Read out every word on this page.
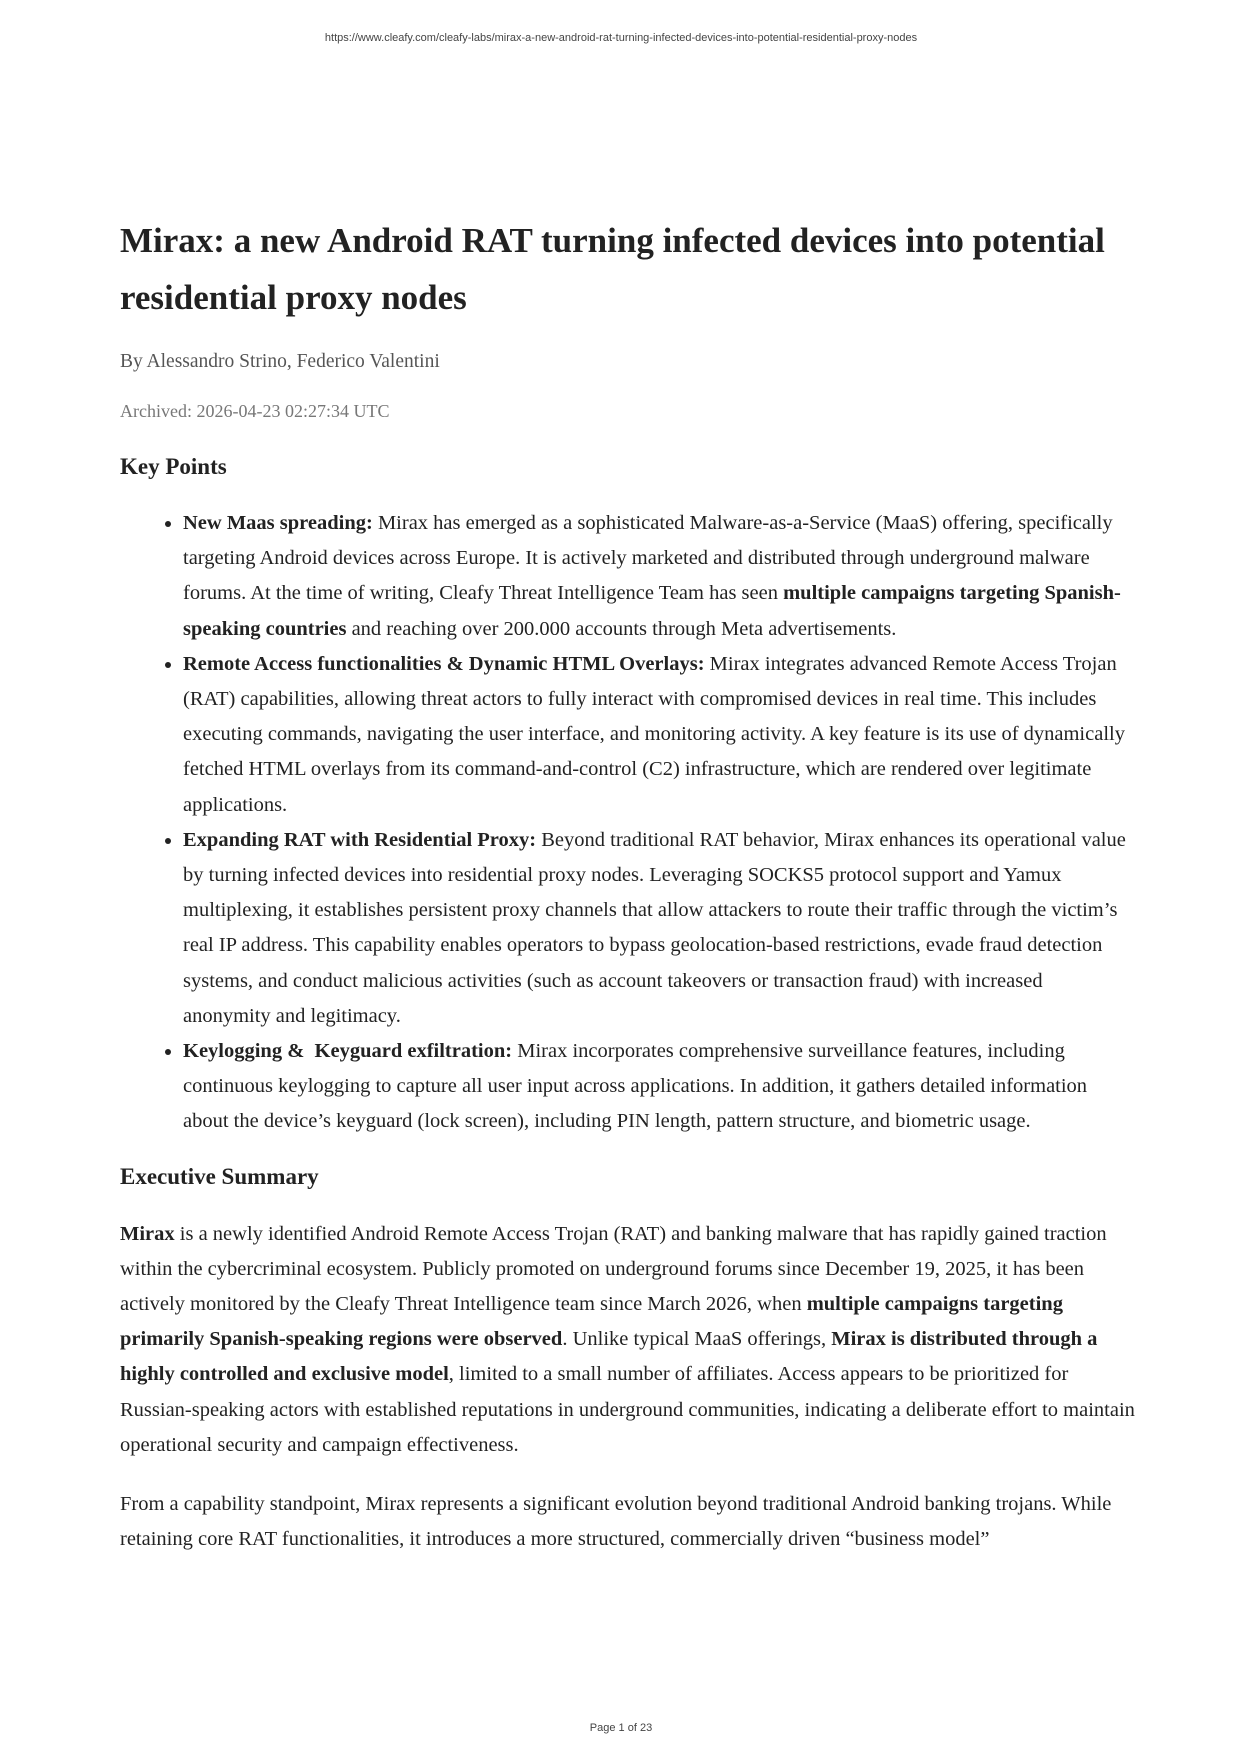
https://www.cleafy.com/cleafy-labs/mirax-a-new-android-rat-turning-infected-devices-into-potential-residential-proxy-nodes
Mirax: a new Android RAT turning infected devices into potential residential proxy nodes
By Alessandro Strino, Federico Valentini
Archived: 2026-04-23 02:27:34 UTC
Key Points
• New Maas spreading: Mirax has emerged as a sophisticated Malware-as-a-Service (MaaS) offering, specifically targeting Android devices across Europe. It is actively marketed and distributed through underground malware forums. At the time of writing, Cleafy Threat Intelligence Team has seen multiple campaigns targeting Spanish-speaking countries and reaching over 200.000 accounts through Meta advertisements.
• Remote Access functionalities & Dynamic HTML Overlays: Mirax integrates advanced Remote Access Trojan (RAT) capabilities, allowing threat actors to fully interact with compromised devices in real time. This includes executing commands, navigating the user interface, and monitoring activity. A key feature is its use of dynamically fetched HTML overlays from its command-and-control (C2) infrastructure, which are rendered over legitimate applications.
• Expanding RAT with Residential Proxy: Beyond traditional RAT behavior, Mirax enhances its operational value by turning infected devices into residential proxy nodes. Leveraging SOCKS5 protocol support and Yamux multiplexing, it establishes persistent proxy channels that allow attackers to route their traffic through the victim’s real IP address. This capability enables operators to bypass geolocation-based restrictions, evade fraud detection systems, and conduct malicious activities (such as account takeovers or transaction fraud) with increased anonymity and legitimacy.
• Keylogging &  Keyguard exfiltration: Mirax incorporates comprehensive surveillance features, including continuous keylogging to capture all user input across applications. In addition, it gathers detailed information about the device’s keyguard (lock screen), including PIN length, pattern structure, and biometric usage.
Executive Summary

Mirax is a newly identified Android Remote Access Trojan (RAT) and banking malware that has rapidly gained traction within the cybercriminal ecosystem. Publicly promoted on underground forums since December 19, 2025, it has been actively monitored by the Cleafy Threat Intelligence team since March 2026, when multiple campaigns targeting primarily Spanish-speaking regions were observed. Unlike typical MaaS offerings, Mirax is distributed through a highly controlled and exclusive model, limited to a small number of affiliates. Access appears to be prioritized for Russian-speaking actors with established reputations in underground communities, indicating a deliberate effort to maintain operational security and campaign effectiveness.

From a capability standpoint, Mirax represents a significant evolution beyond traditional Android banking trojans. While retaining core RAT functionalities, it introduces a more structured, commercially driven “business model”

Page 1 of 23
